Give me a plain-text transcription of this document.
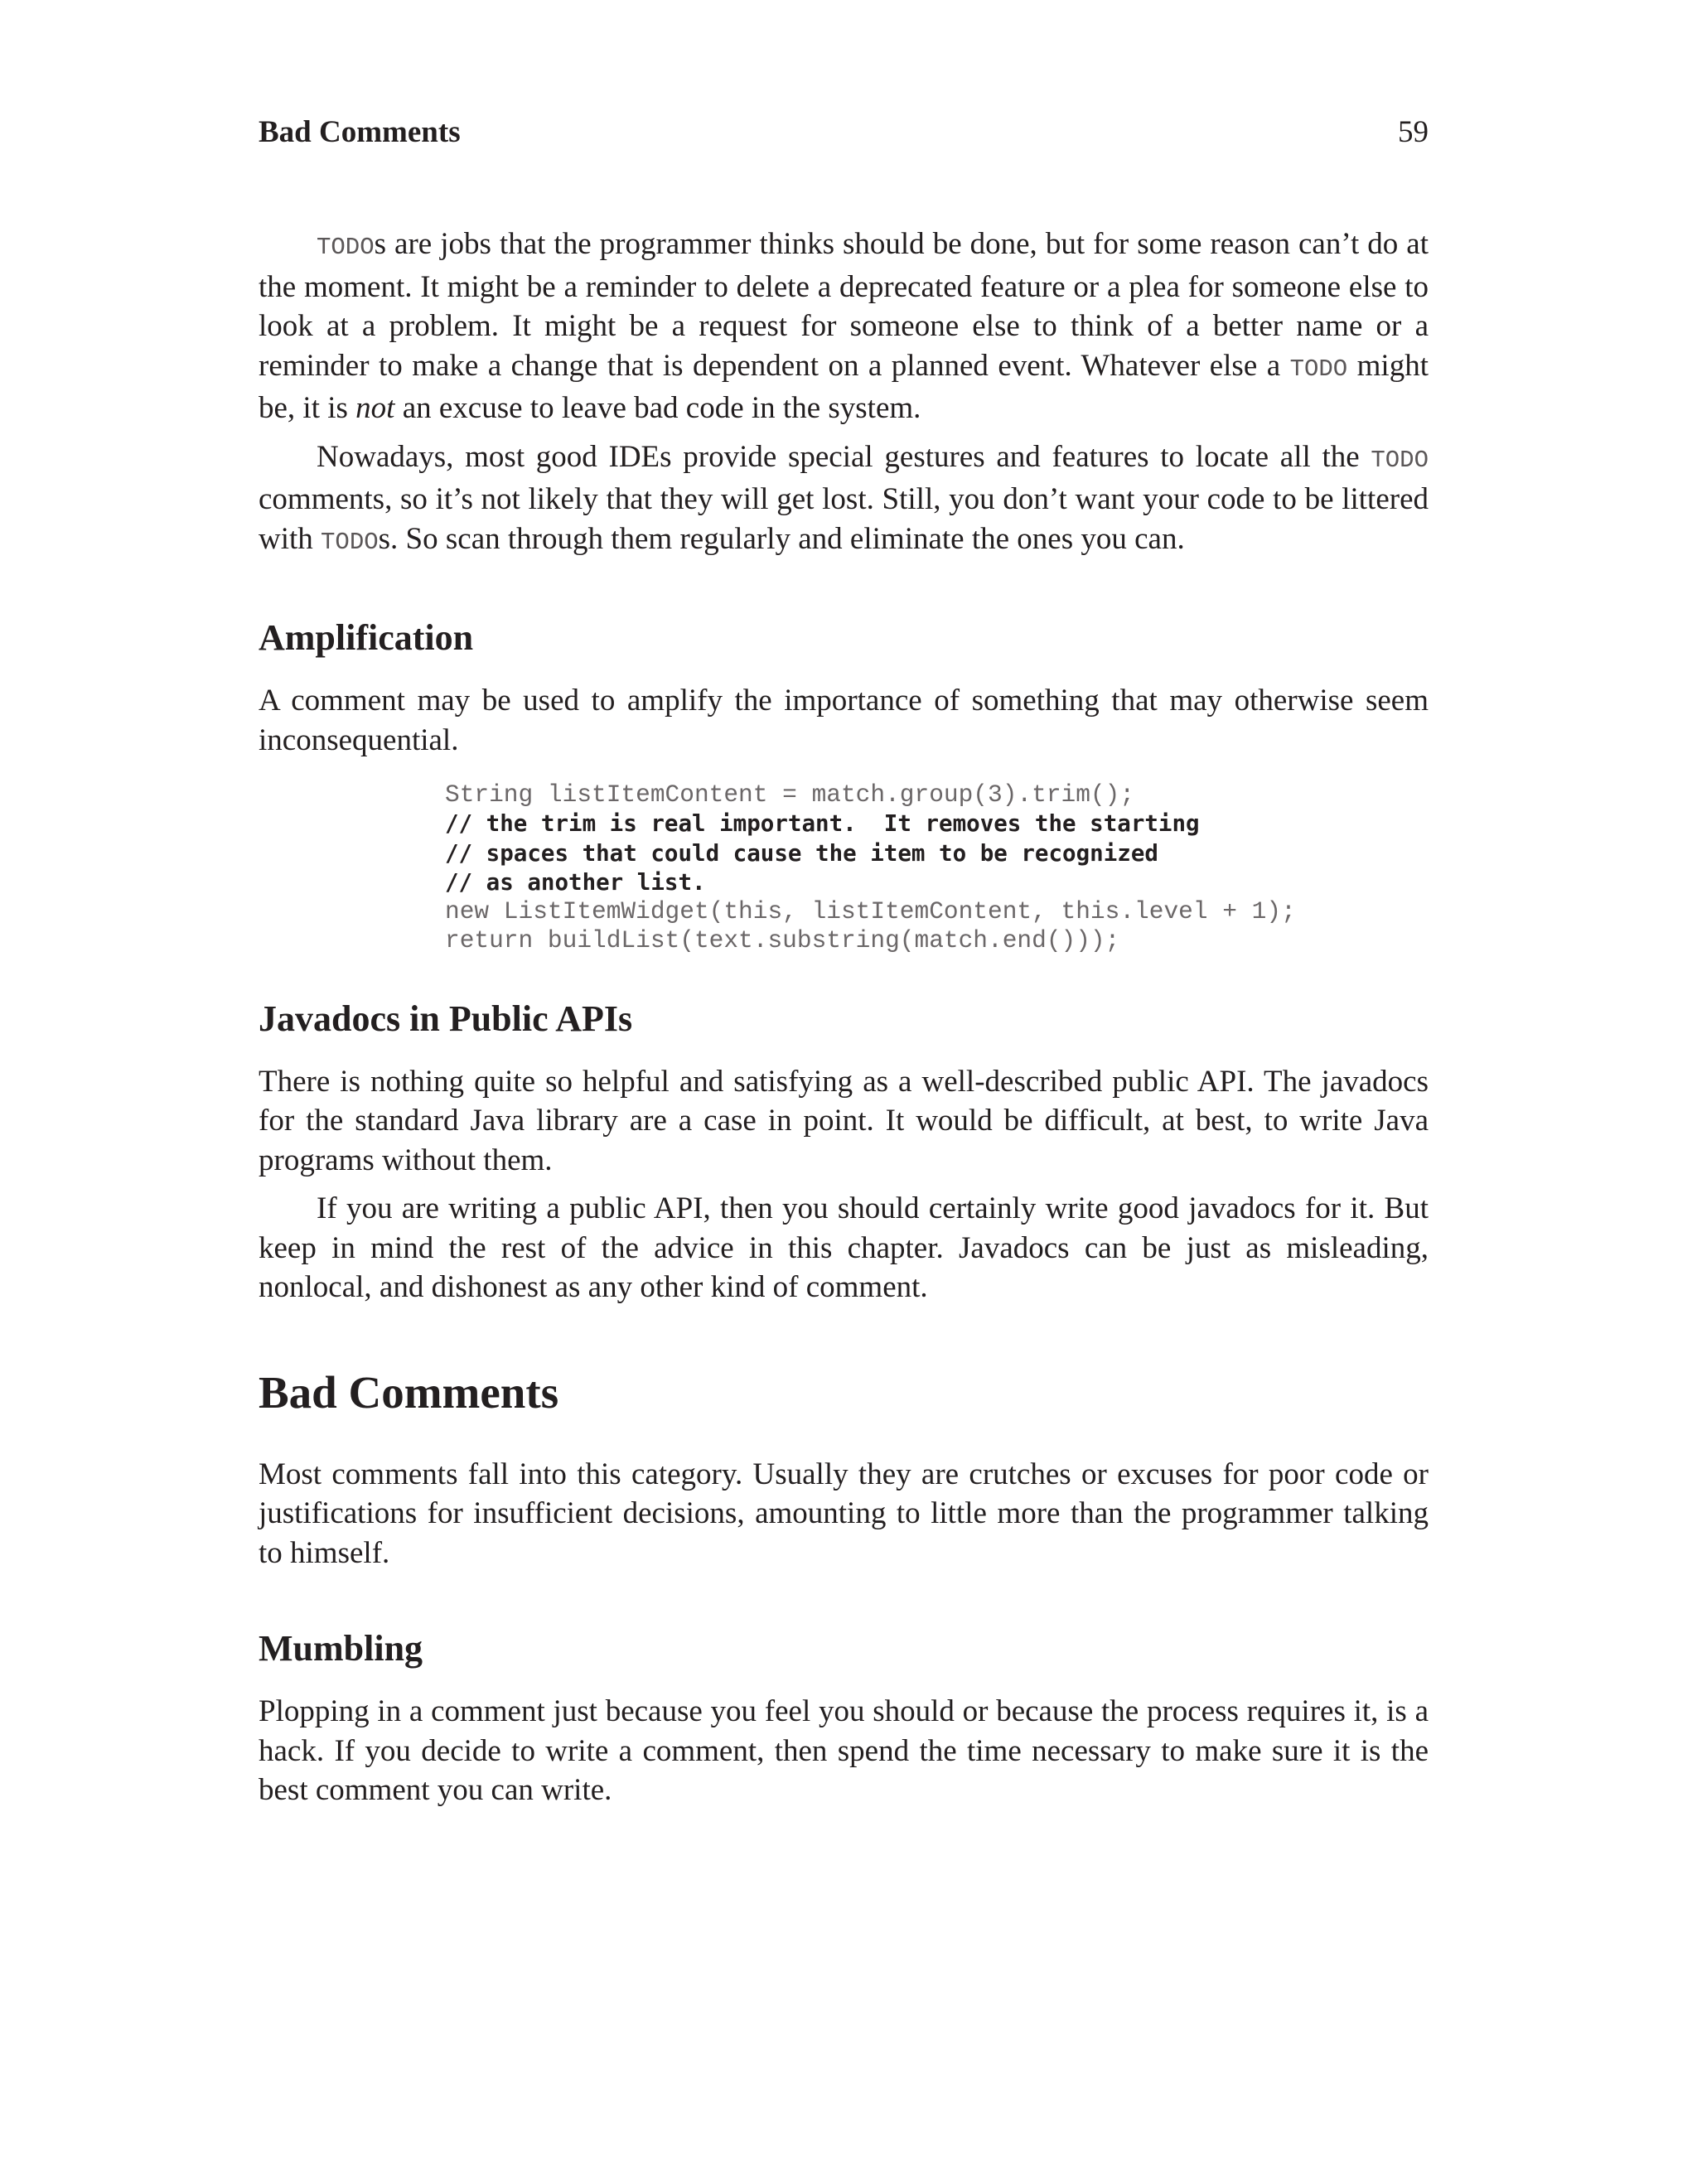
Bad Comments	59

TODOs are jobs that the programmer thinks should be done, but for some reason can’t do at the moment. It might be a reminder to delete a deprecated feature or a plea for someone else to look at a problem. It might be a request for someone else to think of a better name or a reminder to make a change that is dependent on a planned event. Whatever else a TODO might be, it is not an excuse to leave bad code in the system.

Nowadays, most good IDEs provide special gestures and features to locate all the TODO comments, so it’s not likely that they will get lost. Still, you don’t want your code to be littered with TODOs. So scan through them regularly and eliminate the ones you can.

Amplification

A comment may be used to amplify the importance of something that may otherwise seem inconsequential.

String listItemContent = match.group(3).trim();
// the trim is real important.  It removes the starting
// spaces that could cause the item to be recognized
// as another list.
new ListItemWidget(this, listItemContent, this.level + 1);
return buildList(text.substring(match.end()));
Javadocs in Public APIs

There is nothing quite so helpful and satisfying as a well-described public API. The javadocs for the standard Java library are a case in point. It would be difficult, at best, to write Java programs without them.

If you are writing a public API, then you should certainly write good javadocs for it. But keep in mind the rest of the advice in this chapter. Javadocs can be just as misleading, nonlocal, and dishonest as any other kind of comment.

Bad Comments

Most comments fall into this category. Usually they are crutches or excuses for poor code or justifications for insufficient decisions, amounting to little more than the programmer talking to himself.

Mumbling

Plopping in a comment just because you feel you should or because the process requires it, is a hack. If you decide to write a comment, then spend the time necessary to make sure it is the best comment you can write.
